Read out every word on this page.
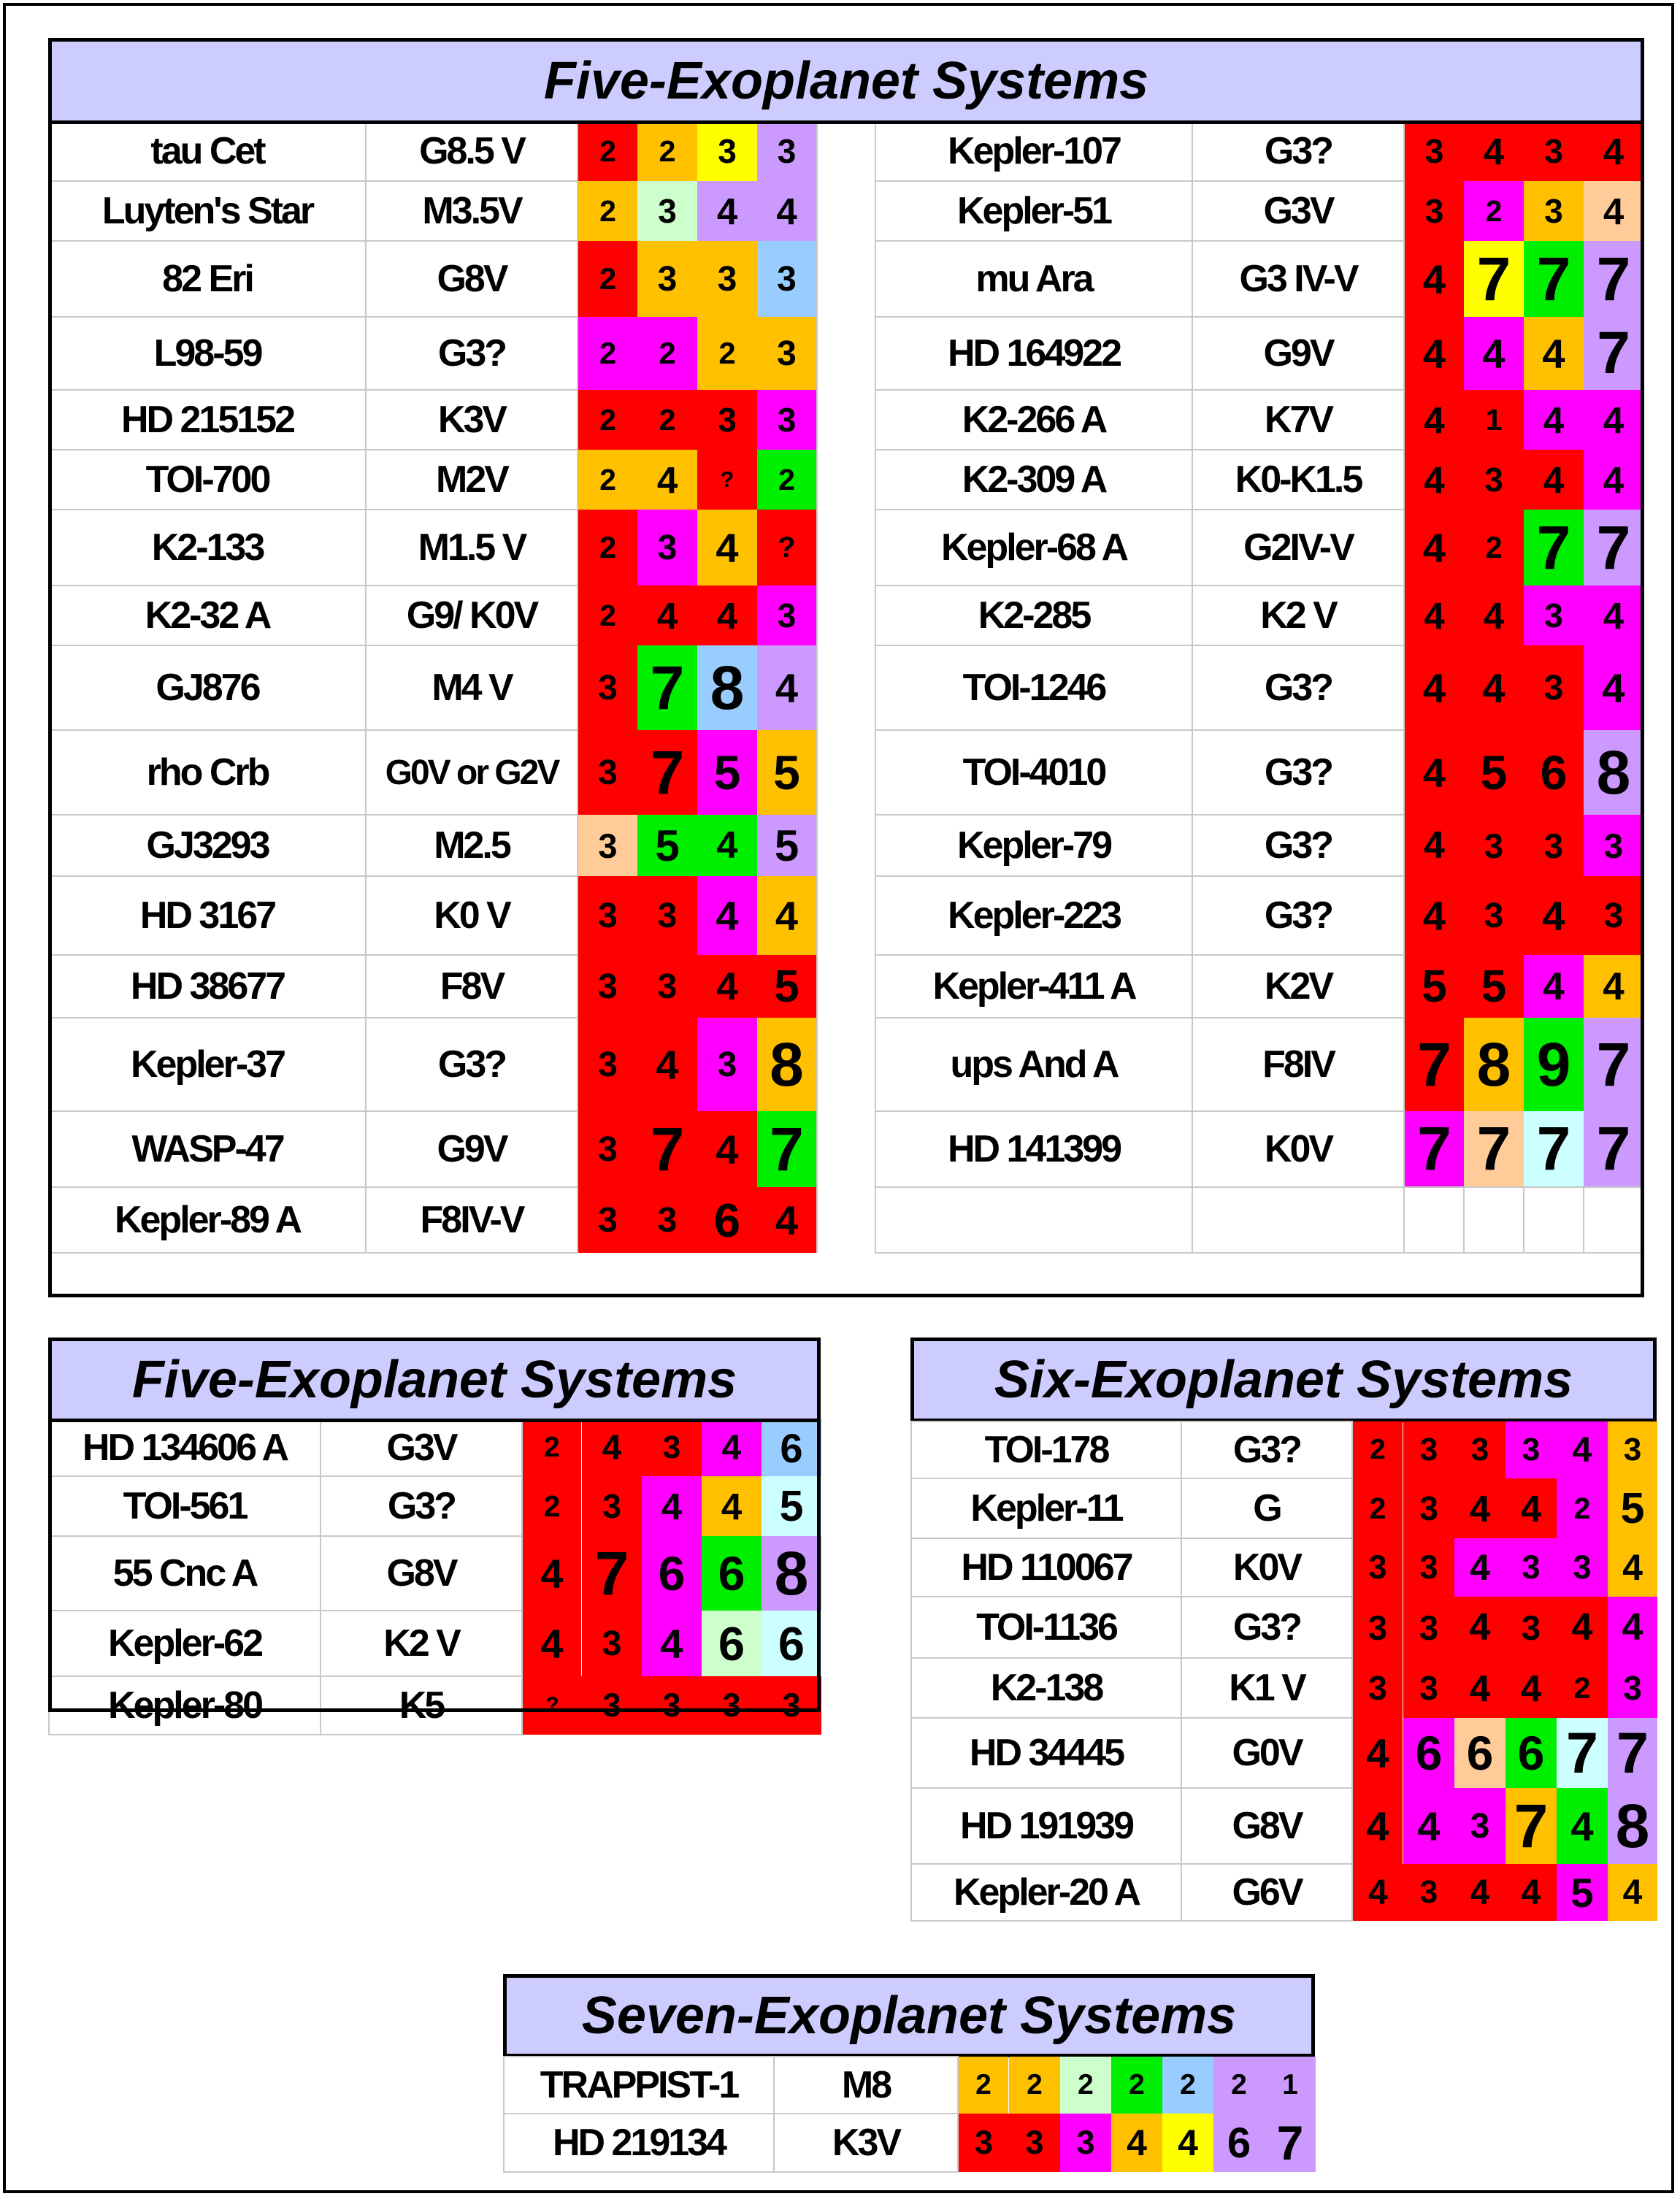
Five-Exoplanet Systems
tau Cet	G8.5 V	2	2	3	3		Kepler-107	G3?	3	4	3	4
Luyten's Star	M3.5V	2	3	4	4		Kepler-51	G3V	3	2	3	4
82 Eri	G8V	2	3	3	3		mu Ara	G3 IV-V	4	7	7	7
L98-59	G3?	2	2	2	3		HD 164922	G9V	4	4	4	7
HD 215152	K3V	2	2	3	3		K2-266 A	K7V	4	1	4	4
TOI-700	M2V	2	4	?	2		K2-309 A	K0-K1.5	4	3	4	4
K2-133	M1.5 V	2	3	4	?		Kepler-68 A	G2IV-V	4	2	7	7
K2-32 A	G9/ K0V	2	4	4	3		K2-285	K2 V	4	4	3	4
GJ876	M4 V	3	7	8	4		TOI-1246	G3?	4	4	3	4
rho Crb	G0V or G2V	3	7	5	5		TOI-4010	G3?	4	5	6	8
GJ3293	M2.5	3	5	4	5		Kepler-79	G3?	4	3	3	3
HD 3167	K0 V	3	3	4	4		Kepler-223	G3?	4	3	4	3
HD 38677	F8V	3	3	4	5		Kepler-411 A	K2V	5	5	4	4
Kepler-37	G3?	3	4	3	8		ups And A	F8IV	7	8	9	7
WASP-47	G9V	3	7	4	7		HD 141399	K0V	7	7	7	7
Kepler-89 A	F8IV-V	3	3	6	4							
Five-Exoplanet Systems
HD 134606 A	G3V	2	4	3	4	6
TOI-561	G3?	2	3	4	4	5
55 Cnc A	G8V	4	7	6	6	8
Kepler-62	K2 V	4	3	4	6	6
Kepler-80	K5	?	3	3	3	3
Six-Exoplanet Systems
TOI-178	G3?	2	3	3	3	4	3
Kepler-11	G	2	3	4	4	2	5
HD 110067	K0V	3	3	4	3	3	4
TOI-1136	G3?	3	3	4	3	4	4
K2-138	K1 V	3	3	4	4	2	3
HD 34445	G0V	4	6	6	6	7	7
HD 191939	G8V	4	4	3	7	4	8
Kepler-20 A	G6V	4	3	4	4	5	4
Seven-Exoplanet Systems
TRAPPIST-1	M8	2	2	2	2	2	2	1
HD 219134	K3V	3	3	3	4	4	6	7
